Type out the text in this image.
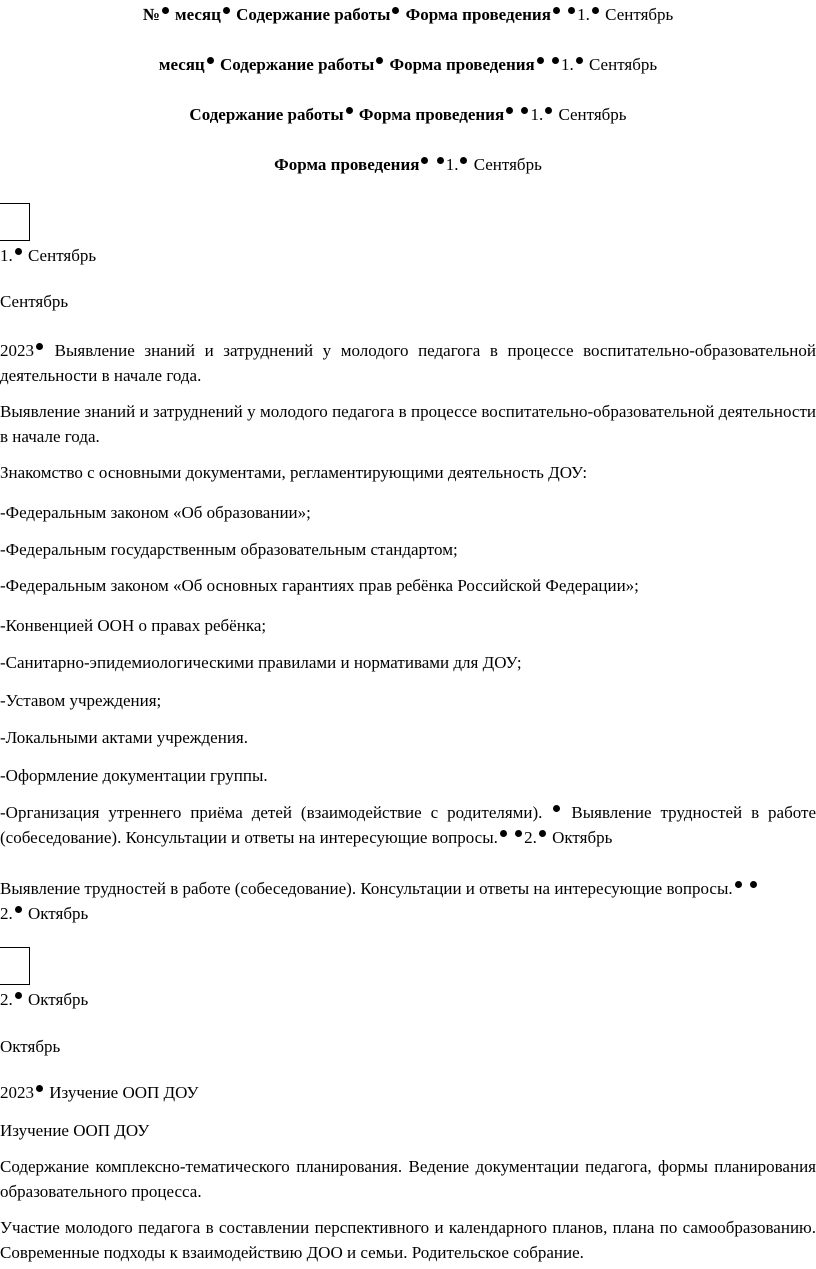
№ месяц Содержание работы Форма проведения 1. Сентябрь
месяц Содержание работы Форма проведения 1. Сентябрь
Содержание работы Форма проведения 1. Сентябрь
Форма проведения 1. Сентябрь
1. Сентябрь
Сентябрь
2023 Выявление знаний и затруднений у молодого педагога в процессе воспитательно-образовательной деятельности в начале года.
Выявление знаний и затруднений у молодого педагога в процессе воспитательно-образовательной деятельности в начале года.
Знакомство с основными документами, регламентирующими деятельность ДОУ:
-Федеральным законом «Об образовании»;
-Федеральным государственным образовательным стандартом;
-Федеральным законом «Об основных гарантиях прав ребёнка Российской Федерации»;
-Конвенцией ООН о правах ребёнка;
-Санитарно-эпидемиологическими правилами и нормативами для ДОУ;
-Уставом учреждения;
-Локальными актами учреждения.
-Оформление документации группы.
-Организация утреннего приёма детей (взаимодействие с родителями). Выявление трудностей в работе (собеседование). Консультации и ответы на интересующие вопросы. 2. Октябрь
Выявление трудностей в работе (собеседование). Консультации и ответы на интересующие вопросы. 2. Октябрь
2. Октябрь
Октябрь
2023 Изучение ООП ДОУ
Изучение ООП ДОУ
Содержание комплексно-тематического планирования. Ведение документации педагога, формы планирования образовательного процесса.
Участие молодого педагога в составлении перспективного и календарного планов, плана по самообразованию. Современные подходы к взаимодействию ДОО и семьи. Родительское собрание.
